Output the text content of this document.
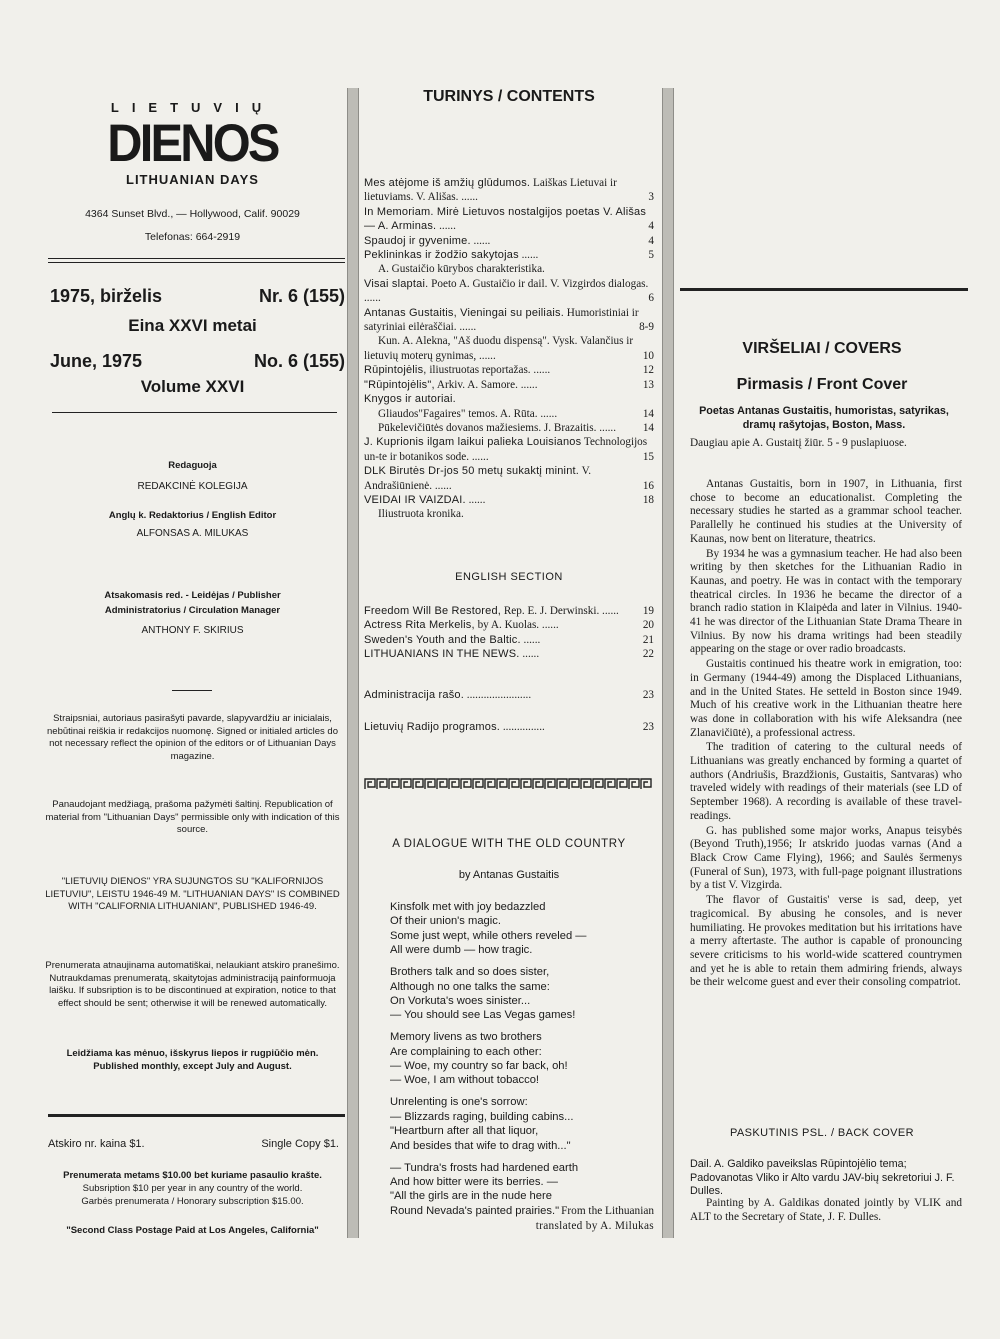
LIETUVIŲ
DIENOS
LITHUANIAN DAYS
4364 Sunset Blvd., — Hollywood, Calif. 90029
Telefonas: 664-2919
1975, birželis	Nr. 6 (155)
Eina XXVI metai
June, 1975	No. 6 (155)
Volume XXVI
Redaguoja
REDAKCINĖ KOLEGIJA
Anglų k. Redaktorius / English Editor
ALFONSAS A. MILUKAS
Atsakomasis red. - Leidėjas / Publisher
Administratorius / Circulation Manager
ANTHONY F. SKIRIUS
Straipsniai, autoriaus pasirašyti pavarde, slapyvardžiu ar inicialais, nebūtinai reiškia ir redakcijos nuomonę. Signed or initialed articles do not necessary reflect the opinion of the editors or of Lithuanian Days magazine.
Panaudojant medžiagą, prašoma pažymėti šaltinį. Republication of material from "Lithuanian Days" permissible only with indication of this source.
"LIETUVIŲ DIENOS" YRA SUJUNGTOS SU "KALIFORNIJOS LIETUVIU", LEISTU 1946-49 M. "LITHUANIAN DAYS" IS COMBINED WITH "CALIFORNIA LITHUANIAN", PUBLISHED 1946-49.
Prenumerata atnaujinama automatiškai, nelaukiant atskiro pranešimo. Nutraukdamas prenumeratą, skaitytojas administraciją painformuoja laišku. If subsription is to be discontinued at expiration, notice to that effect should be sent; otherwise it will be renewed automatically.
Leidžiama kas mėnuo, išskyrus liepos ir rugpiūčio mėn.
Published monthly, except July and August.
Atskiro nr. kaina $1.	Single Copy $1.
Prenumerata metams $10.00 bet kuriame pasaulio krašte.
Subsription $10 per year in any country of the world.
Garbės prenumerata / Honorary subscription $15.00.
"Second Class Postage Paid at Los Angeles, California"
TURINYS / CONTENTS
Mes atėjome iš amžių glūdumos. Laiškas Lietuvai ir lietuviams. V. Ališas. ......	3
In Memoriam. Mirė Lietuvos nostalgijos poetas V. Ališas — A. Arminas. ......	4
Spaudoj ir gyvenime. ......	4
Peklininkas ir žodžio sakytojas ......	5
A. Gustaičio kūrybos charakteristika.
Visai slaptai. Poeto A. Gustaičio ir dail. V. Vizgirdos dialogas. ......	6
Antanas Gustaitis, Vieningai su peiliais. Humoristiniai ir satyriniai eilėraščiai. ......	8-9
Kun. A. Alekna, "Aš duodu dispensą". Vysk. Valančius ir lietuvių moterų gynimas, ......	10
Rūpintojėlis, iliustruotas reportažas. ......	12
"Rūpintojėlis", Arkiv. A. Samore. ......	13
Knygos ir autoriai.
Gliaudos"Fagaires" temos. A. Rūta. ......	14
Pūkelevičiūtės dovanos mažiesiems. J. Brazaitis. ...... 14
J. Kuprionis ilgam laikui palieka Louisianos Technologijos un-te ir botanikos sode. ......	15
DLK Birutės Dr-jos 50 metų sukaktį minint. V. Andrašiūnienė. ......	16
VEIDAI IR VAIZDAI. ......	18
Iliustruota kronika.
ENGLISH SECTION
Freedom Will Be Restored, Rep. E. J. Derwinski. ...... 19
Actress Rita Merkelis, by A. Kuolas. ......	20
Sweden's Youth and the Baltic. ......	21
LITHUANIANS IN THE NEWS. ......	22
Administracija rašo. .......................	23
Lietuvių Radijo programos. ...............	23
A DIALOGUE WITH THE OLD COUNTRY
by Antanas Gustaitis
Kinsfolk met with joy bedazzled
Of their union's magic.
Some just wept, while others reveled —
All were dumb — how tragic.
Brothers talk and so does sister,
Although no one talks the same:
On Vorkuta's woes sinister...
— You should see Las Vegas games!
Memory livens as two brothers
Are complaining to each other:
— Woe, my country so far back, oh!
— Woe, I am without tobacco!
Unrelenting is one's sorrow:
— Blizzards raging, building cabins...
"Heartburn after all that liquor,
And besides that wife to drag with..."
— Tundra's frosts had hardened earth
And how bitter were its berries. —
"All the girls are in the nude here
Round Nevada's painted prairies." From the Lithuanian
translated by A. Milukas
VIRŠELIAI / COVERS
Pirmasis / Front Cover
Poetas Antanas Gustaitis, humoristas, satyrikas, dramų rašytojas, Boston, Mass.
Daugiau apie A. Gustaitį žiūr. 5 - 9 puslapiuose.
Antanas Gustaitis, born in 1907, in Lithuania, first chose to become an educationalist. Completing the necessary studies he started as a grammar school teacher. Parallelly he continued his studies at the University of Kaunas, now bent on literature, theatrics.
By 1934 he was a gymnasium teacher. He had also been writing by then sketches for the Lithuanian Radio in Kaunas, and poetry. He was in contact with the temporary theatrical circles. In 1936 he became the director of a branch radio station in Klaipėda and later in Vilnius. 1940-41 he was director of the Lithuanian State Drama Theare in Vilnius. By now his drama writings had been steadily appearing on the stage or over radio broadcasts.
Gustaitis continued his theatre work in emigration, too: in Germany (1944-49) among the Displaced Lithuanians, and in the United States. He setteld in Boston since 1949. Much of his creative work in the Lithuanian theatre here was done in collaboration with his wife Aleksandra (nee Zlanavičiūtė), a professional actress.
The tradition of catering to the cultural needs of Lithuanians was greatly enchanced by forming a quartet of authors (Andriušis, Brazdžionis, Gustaitis, Santvaras) who traveled widely with readings of their materials (see LD of September 1968). A recording is available of these travel-readings.
G. has published some major works, Anapus teisybės (Beyond Truth),1956; Ir atskrido juodas varnas (And a Black Crow Came Flying), 1966; and Saulės šermenys (Funeral of Sun), 1973, with full-page poignant illustrations by a tist V. Vizgirda.
The flavor of Gustaitis' verse is sad, deep, yet tragicomical. By abusing he consoles, and is never humiliating. He provokes meditation but his irritations have a merry aftertaste. The author is capable of pronouncing severe criticisms to his world-wide scattered countrymen and yet he is able to retain them admiring friends, always be their welcome guest and ever their consoling compatriot.
PASKUTINIS PSL. / BACK COVER
Dail. A. Galdiko paveikslas Rūpintojėlio tema; Padovanotas Vliko ir Alto vardu JAV-bių sekretoriui J. F. Dulles.
Painting by A. Galdikas donated jointly by VLIK and ALT to the Secretary of State, J. F. Dulles.
